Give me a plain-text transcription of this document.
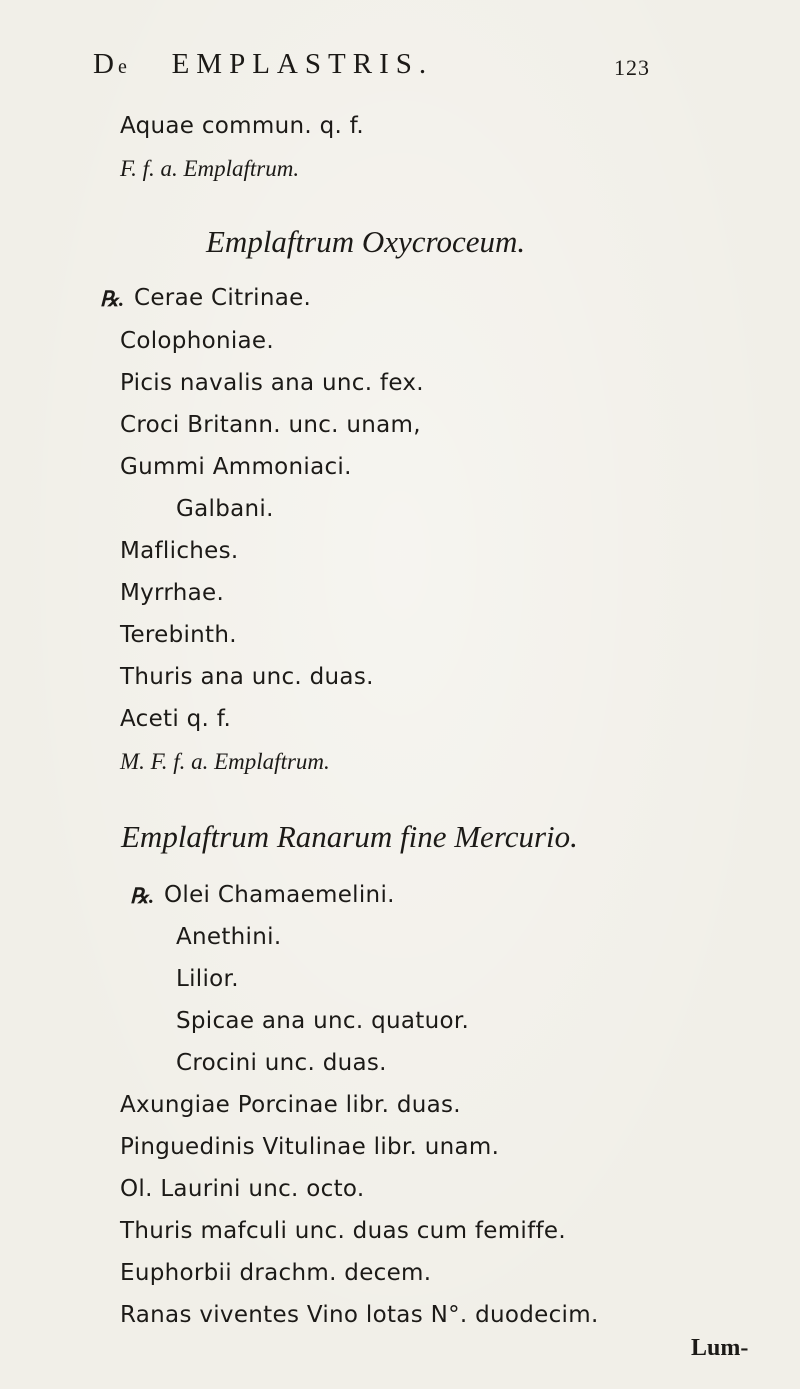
De EMPLASTRIS.	123
Aquae commun. q. f.
F. f. a. Emplaftrum.
Emplaftrum Oxycroceum.
℞. Cerae Citrinae.
Colophoniae.
Picis navalis ana unc. fex.
Croci Britann. unc. unam,
Gummi Ammoniaci.
Galbani.
Mafliches.
Myrrhae.
Terebinth.
Thuris ana unc. duas.
Aceti q. f.
M. F. f. a. Emplaftrum.
Emplaftrum Ranarum fine Mercurio.
℞. Olei Chamaemelini.
Anethini.
Lilior.
Spicae ana unc. quatuor.
Crocini unc. duas.
Axungiae Porcinae libr. duas.
Pinguedinis Vitulinae libr. unam.
Ol. Laurini unc. octo.
Thuris mafculi unc. duas cum femiffe.
Euphorbii drachm. decem.
Ranas viventes Vino lotas N°. duodecim.
Lum-
